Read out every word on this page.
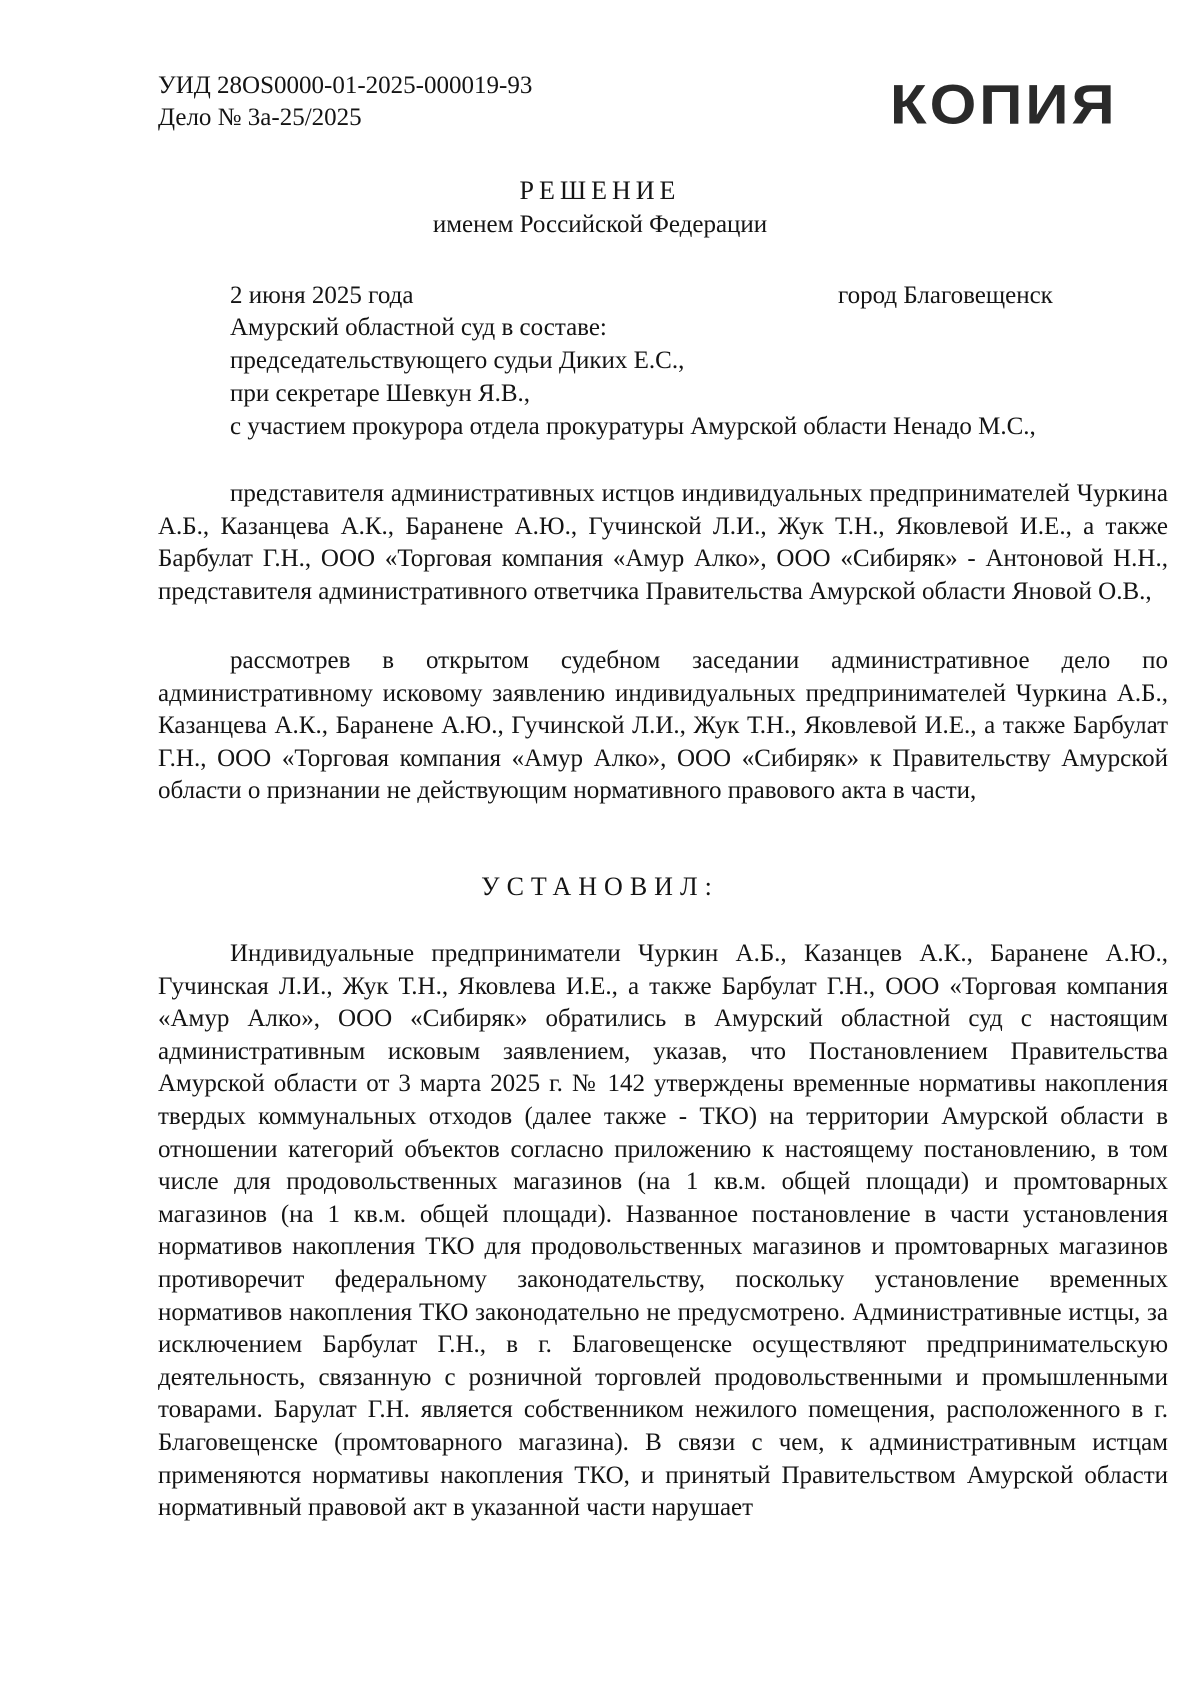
УИД 28OS0000-01-2025-000019-93
Дело № 3а-25/2025	КОПИЯ
РЕШЕНИЕ
именем Российской Федерации
2 июня 2025 года	город Благовещенск

Амурский областной суд в составе:

председательствующего судьи Диких Е.С.,

при секретаре Шевкун Я.В.,

с участием прокурора отдела прокуратуры Амурской области Ненадо М.С.,

представителя административных истцов индивидуальных предпринимателей Чуркина А.Б., Казанцева А.К., Бараненe А.Ю., Гучинской Л.И., Жук Т.Н., Яковлевой И.Е., а также Барбулат Г.Н., ООО «Торговая компания «Амур Алко», ООО «Сибиряк» - Антоновой Н.Н., представителя административного ответчика Правительства Амурской области Яновой О.В.,

рассмотрев в открытом судебном заседании административное дело по административному исковому заявлению индивидуальных предпринимателей Чуркина А.Б., Казанцева А.К., Бараненe А.Ю., Гучинской Л.И., Жук Т.Н., Яковлевой И.Е., а также Барбулат Г.Н., ООО «Торговая компания «Амур Алко», ООО «Сибиряк» к Правительству Амурской области о признании не действующим нормативного правового акта в части,

УСТАНОВИЛ:

Индивидуальные предприниматели Чуркин А.Б., Казанцев А.К., Бараненe А.Ю., Гучинская Л.И., Жук Т.Н., Яковлева И.Е., а также Барбулат Г.Н., ООО «Торговая компания «Амур Алко», ООО «Сибиряк» обратились в Амурский областной суд с настоящим административным исковым заявлением, указав, что Постановлением Правительства Амурской области от 3 марта 2025 г. № 142 утверждены временные нормативы накопления твердых коммунальных отходов (далее также - ТКО) на территории Амурской области в отношении категорий объектов согласно приложению к настоящему постановлению, в том числе для продовольственных магазинов (на 1 кв.м. общей площади) и промтоварных магазинов (на 1 кв.м. общей площади). Названное постановление в части установления нормативов накопления ТКО для продовольственных магазинов и промтоварных магазинов противоречит федеральному законодательству, поскольку установление временных нормативов накопления ТКО законодательно не предусмотрено. Административные истцы, за исключением Барбулат Г.Н., в г. Благовещенске осуществляют предпринимательскую деятельность, связанную с розничной торговлей продовольственными и промышленными товарами. Барулат Г.Н. является собственником нежилого помещения, расположенного в г. Благовещенске (промтоварного магазина). В связи с чем, к административным истцам применяются нормативы накопления ТКО, и принятый Правительством Амурской области нормативный правовой акт в указанной части нарушает
